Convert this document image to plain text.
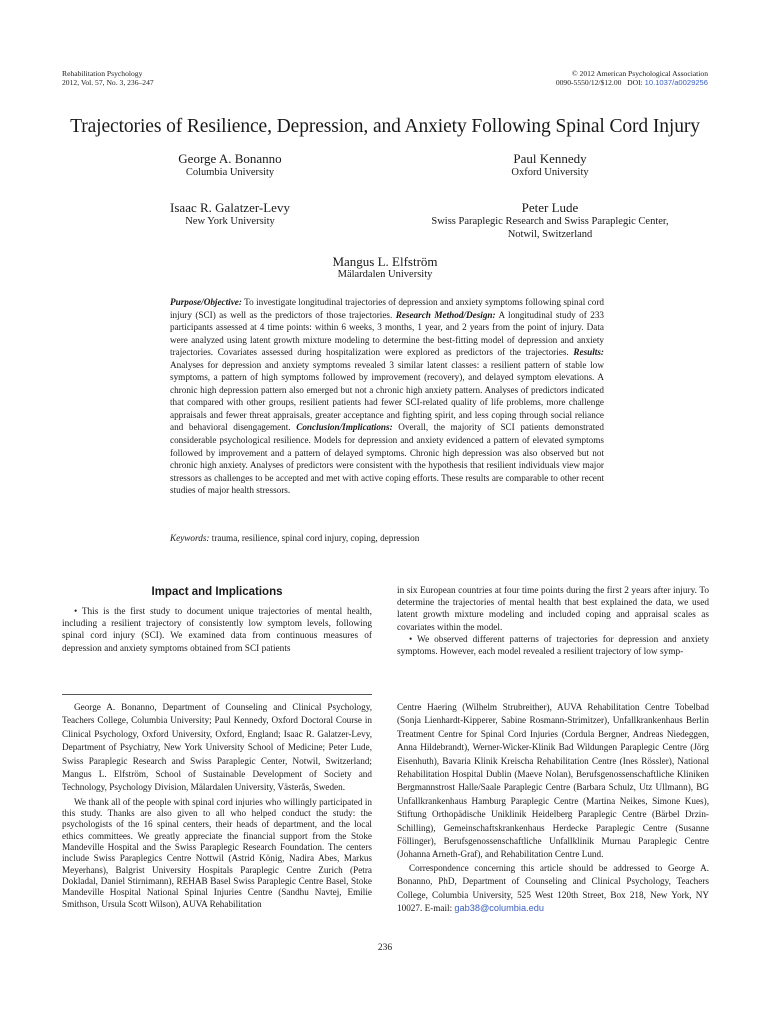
Rehabilitation Psychology
2012, Vol. 57, No. 3, 236–247
© 2012 American Psychological Association
0090-5550/12/$12.00 DOI: 10.1037/a0029256
Trajectories of Resilience, Depression, and Anxiety Following Spinal Cord Injury
George A. Bonanno
Columbia University
Paul Kennedy
Oxford University
Isaac R. Galatzer-Levy
New York University
Peter Lude
Swiss Paraplegic Research and Swiss Paraplegic Center,
Notwil, Switzerland
Mangus L. Elfström
Mälardalen University
Purpose/Objective: To investigate longitudinal trajectories of depression and anxiety symptoms following spinal cord injury (SCI) as well as the predictors of those trajectories. Research Method/Design: A longitudinal study of 233 participants assessed at 4 time points: within 6 weeks, 3 months, 1 year, and 2 years from the point of injury. Data were analyzed using latent growth mixture modeling to determine the best-fitting model of depression and anxiety trajectories. Covariates assessed during hospitalization were explored as predictors of the trajectories. Results: Analyses for depression and anxiety symptoms revealed 3 similar latent classes: a resilient pattern of stable low symptoms, a pattern of high symptoms followed by improvement (recovery), and delayed symptom elevations. A chronic high depression pattern also emerged but not a chronic high anxiety pattern. Analyses of predictors indicated that compared with other groups, resilient patients had fewer SCI-related quality of life problems, more challenge appraisals and fewer threat appraisals, greater acceptance and fighting spirit, and less coping through social reliance and behavioral disengagement. Conclusion/Implications: Overall, the majority of SCI patients demonstrated considerable psychological resilience. Models for depression and anxiety evidenced a pattern of elevated symptoms followed by improvement and a pattern of delayed symptoms. Chronic high depression was also observed but not chronic high anxiety. Analyses of predictors were consistent with the hypothesis that resilient individuals view major stressors as challenges to be accepted and met with active coping efforts. These results are comparable to other recent studies of major health stressors.
Keywords: trauma, resilience, spinal cord injury, coping, depression
Impact and Implications

• This is the first study to document unique trajectories of mental health, including a resilient trajectory of consistently low symptom levels, following spinal cord injury (SCI). We examined data from continuous measures of depression and anxiety symptoms obtained from SCI patients

in six European countries at four time points during the first 2 years after injury. To determine the trajectories of mental health that best explained the data, we used latent growth mixture modeling and included coping and appraisal scales as covariates within the model.

• We observed different patterns of trajectories for depression and anxiety symptoms. However, each model revealed a resilient trajectory of low symp-

George A. Bonanno, Department of Counseling and Clinical Psychology, Teachers College, Columbia University; Paul Kennedy, Oxford Doctoral Course in Clinical Psychology, Oxford University, Oxford, England; Isaac R. Galatzer-Levy, Department of Psychiatry, New York University School of Medicine; Peter Lude, Swiss Paraplegic Research and Swiss Paraplegic Center, Notwil, Switzerland; Mangus L. Elfström, School of Sustainable Development of Society and Technology, Psychology Division, Mälardalen University, Västerås, Sweden.

We thank all of the people with spinal cord injuries who willingly participated in this study. Thanks are also given to all who helped conduct the study: the psychologists of the 16 spinal centers, their heads of department, and the local ethics committees. We greatly appreciate the financial support from the Stoke Mandeville Hospital and the Swiss Paraplegic Research Foundation. The centers include Swiss Paraplegics Centre Nottwil (Astrid König, Nadira Abes, Markus Meyerhans), Balgrist University Hospitals Paraplegic Centre Zurich (Petra Dokladal, Daniel Stirnimann), REHAB Basel Swiss Paraplegic Centre Basel, Stoke Mandeville Hospital National Spinal Injuries Centre (Sandhu Navtej, Emilie Smithson, Ursula Scott Wilson), AUVA Rehabilitation

Centre Haering (Wilhelm Strubreither), AUVA Rehabilitation Centre Tobelbad (Sonja Lienhardt-Kipperer, Sabine Rosmann-Strimitzer), Unfallkrankenhaus Berlin Treatment Centre for Spinal Cord Injuries (Cordula Bergner, Andreas Niedeggen, Anna Hildebrandt), Werner-Wicker-Klinik Bad Wildungen Paraplegic Centre (Jörg Eisenhuth), Bavaria Klinik Kreischa Rehabilitation Centre (Ines Rössler), National Rehabilitation Hospital Dublin (Maeve Nolan), Berufsgenossenschaftliche Kliniken Bergmannstrost Halle/Saale Paraplegic Centre (Barbara Schulz, Utz Ullmann), BG Unfallkrankenhaus Hamburg Paraplegic Centre (Martina Neikes, Simone Kues), Stiftung Orthopädische Uniklinik Heidelberg Paraplegic Centre (Bärbel Drzin-Schilling), Gemeinschaftskrankenhaus Herdecke Paraplegic Centre (Susanne Föllinger), Berufsgenossenschaftliche Unfallklinik Murnau Paraplegic Centre (Johanna Arneth-Graf), and Rehabilitation Centre Lund.

Correspondence concerning this article should be addressed to George A. Bonanno, PhD, Department of Counseling and Clinical Psychology, Teachers College, Columbia University, 525 West 120th Street, Box 218, New York, NY 10027. E-mail: gab38@columbia.edu

236
